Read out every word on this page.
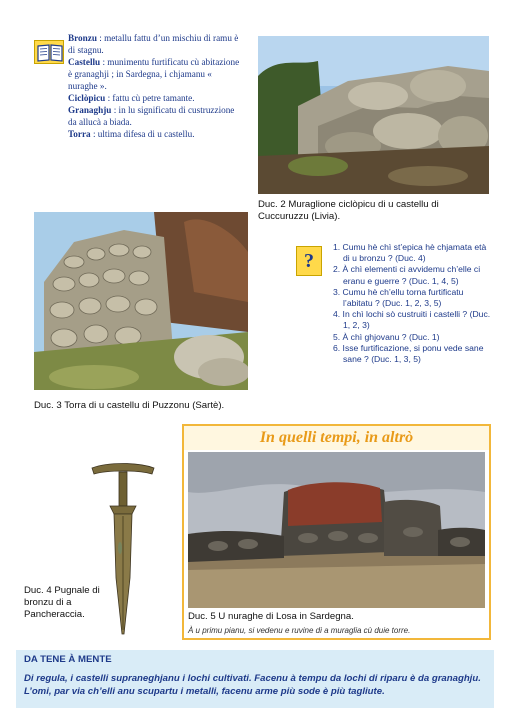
Bronzu : metallu fattu d’un mischiu di ramu è di stagnu.
Castellu : munimentu furtificatu cù abitazione è granaghji ; in Sardegna, i chjamanu « nuraghe ».
Ciclòpicu : fattu cù petre tamante.
Granaghju : in lu significatu di custruzzione da allucà a biada.
Torra : ultima difesa di u castellu.
Duc. 2 Muraglione ciclòpicu di u castellu di Cuccuruzzu (Livia).
Duc. 3 Torra di u castellu di Puzzonu (Sartè).
?
1. Cumu hè chì st’epica hè chjamata età di u bronzu ? (Duc. 4)
2. À chì elementi ci avvidemu ch’elle ci eranu e guerre ? (Duc. 1, 4, 5)
3. Cumu hè ch’ellu torna furtificatu l’abitatu ? (Duc. 1, 2, 3, 5)
4. In chì lochi sò custruiti i castelli ? (Duc. 1, 2, 3)
5. À chì ghjovanu ? (Duc. 1)
6. Isse furtificazione, si ponu vede sane sane ? (Duc. 1, 3, 5)
In quelli tempi, in altrò
Duc. 5 U nuraghe di Losa in Sardegna.
À u primu pianu, si vedenu e ruvine di a muraglia cù duie torre.
Duc. 4 Pugnale di bronzu di a Pancheraccia.
DA TENE À MENTE
Di regula, i castelli supraneghjanu i lochi cultivati. Facenu à tempu da lochi di riparu è da granaghju. L’omi, par via ch’elli anu scupartu i metalli, facenu arme più sode è più tagliute.
